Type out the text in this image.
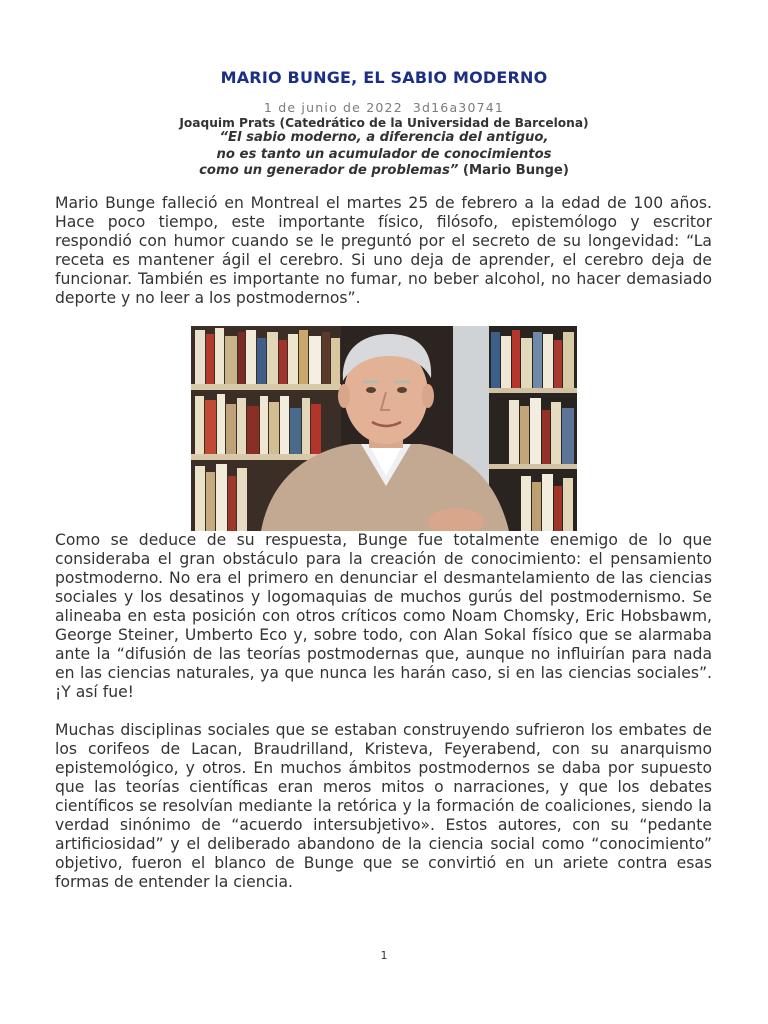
MARIO BUNGE, EL SABIO MODERNO
1 de junio de 2022 3d16a30741
Joaquim Prats (Catedrático de la Universidad de Barcelona)
“El sabio moderno, a diferencia del antiguo,
no es tanto un acumulador de conocimientos
como un generador de problemas” (Mario Bunge)

Mario Bunge falleció en Montreal el martes 25 de febrero a la edad de 100 años. Hace poco tiempo, este importante físico, filósofo, epistemólogo y escritor respondió con humor cuando se le preguntó por el secreto de su longevidad: “La receta es mantener ágil el cerebro. Si uno deja de aprender, el cerebro deja de funcionar. También es importante no fumar, no beber alcohol, no hacer demasiado deporte y no leer a los postmodernos”.

Como se deduce de su respuesta, Bunge fue totalmente enemigo de lo que consideraba el gran obstáculo para la creación de conocimiento: el pensamiento postmoderno. No era el primero en denunciar el desmantelamiento de las ciencias sociales y los desatinos y logomaquias de muchos gurús del postmodernismo. Se alineaba en esta posición con otros críticos como Noam Chomsky, Eric Hobsbawm, George Steiner, Umberto Eco y, sobre todo, con Alan Sokal físico que se alarmaba ante la “difusión de las teorías postmodernas que, aunque no influirían para nada en las ciencias naturales, ya que nunca les harán caso, si en las ciencias sociales”. ¡Y así fue!

Muchas disciplinas sociales que se estaban construyendo sufrieron los embates de los corifeos de Lacan, Braudrilland, Kristeva, Feyerabend, con su anarquismo epistemológico, y otros. En muchos ámbitos postmodernos se daba por supuesto que las teorías científicas eran meros mitos o narraciones, y que los debates científicos se resolvían mediante la retórica y la formación de coaliciones, siendo la verdad sinónimo de “acuerdo intersubjetivo». Estos autores, con su “pedante artificiosidad” y el deliberado abandono de la ciencia social como “conocimiento” objetivo, fueron el blanco de Bunge que se convirtió en un ariete contra esas formas de entender la ciencia.

1
